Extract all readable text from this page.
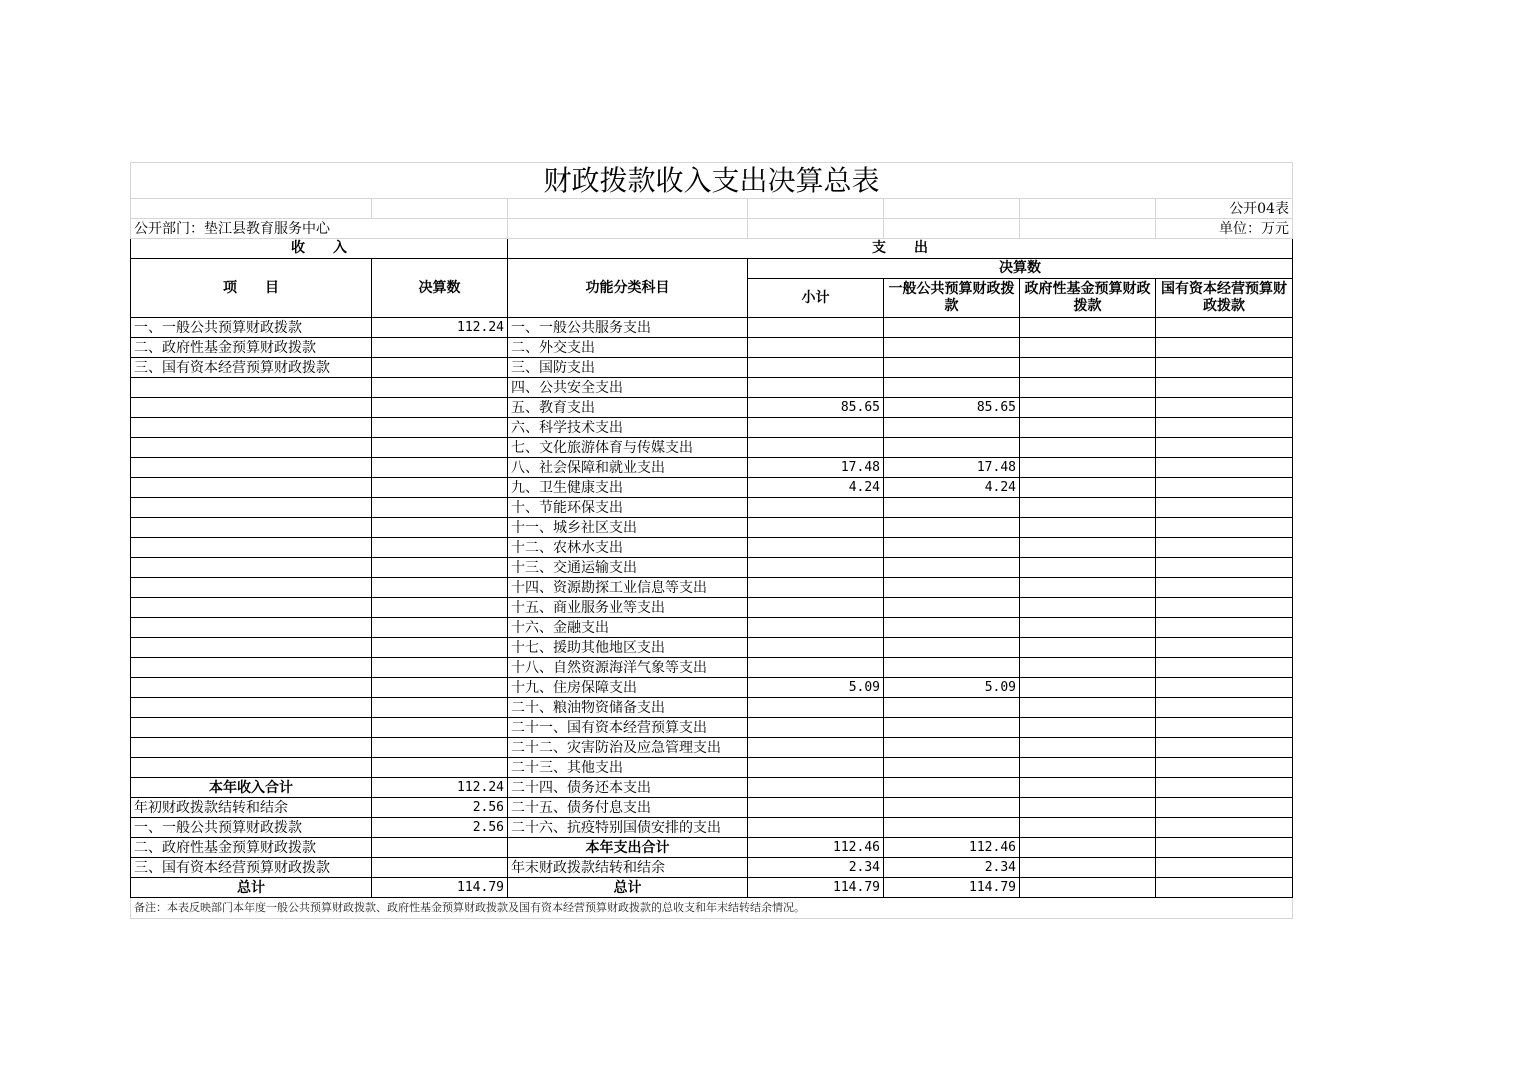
财政拨款收入支出决算总表						
						公开04表
公开部门：垫江县教育服务中心						单位：万元
收　　入		支　　出				
项　　目	决算数	功能分类科目	决算数			
			小计	一般公共预算财政拨款	政府性基金预算财政拨款	国有资本经营预算财政拨款
一、一般公共预算财政拨款	112.24	一、一般公共服务支出				
二、政府性基金预算财政拨款		二、外交支出				
三、国有资本经营预算财政拨款		三、国防支出				
		四、公共安全支出				
		五、教育支出	85.65	85.65		
		六、科学技术支出				
		七、文化旅游体育与传媒支出				
		八、社会保障和就业支出	17.48	17.48		
		九、卫生健康支出	4.24	4.24		
		十、节能环保支出				
		十一、城乡社区支出				
		十二、农林水支出				
		十三、交通运输支出				
		十四、资源勘探工业信息等支出				
		十五、商业服务业等支出				
		十六、金融支出				
		十七、援助其他地区支出				
		十八、自然资源海洋气象等支出				
		十九、住房保障支出	5.09	5.09		
		二十、粮油物资储备支出				
		二十一、国有资本经营预算支出				
		二十二、灾害防治及应急管理支出				
		二十三、其他支出				
本年收入合计	112.24	二十四、债务还本支出				
年初财政拨款结转和结余	2.56	二十五、债务付息支出				
一、一般公共预算财政拨款	2.56	二十六、抗疫特别国债安排的支出				
二、政府性基金预算财政拨款		本年支出合计	112.46	112.46		
三、国有资本经营预算财政拨款		年末财政拨款结转和结余	2.34	2.34		
总计	114.79	总计	114.79	114.79		
备注：本表反映部门本年度一般公共预算财政拨款、政府性基金预算财政拨款及国有资本经营预算财政拨款的总收支和年末结转结余情况。						
